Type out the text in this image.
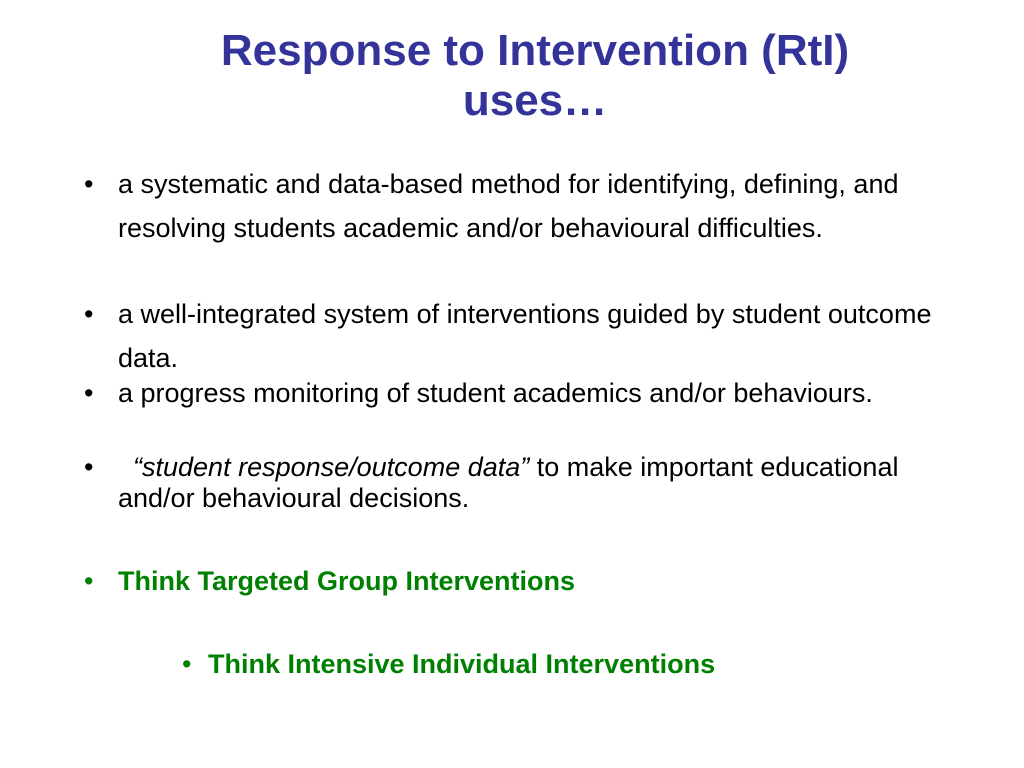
Response to Intervention (RtI) uses…
• a systematic and data-based method for identifying, defining, and resolving students academic and/or behavioural difficulties.
• a well-integrated system of interventions guided by student outcome data.
• a progress monitoring of student academics and/or behaviours.
•	“student response/outcome data” to make important educational and/or behavioural decisions.
• Think Targeted Group Interventions
• Think Intensive Individual Interventions
